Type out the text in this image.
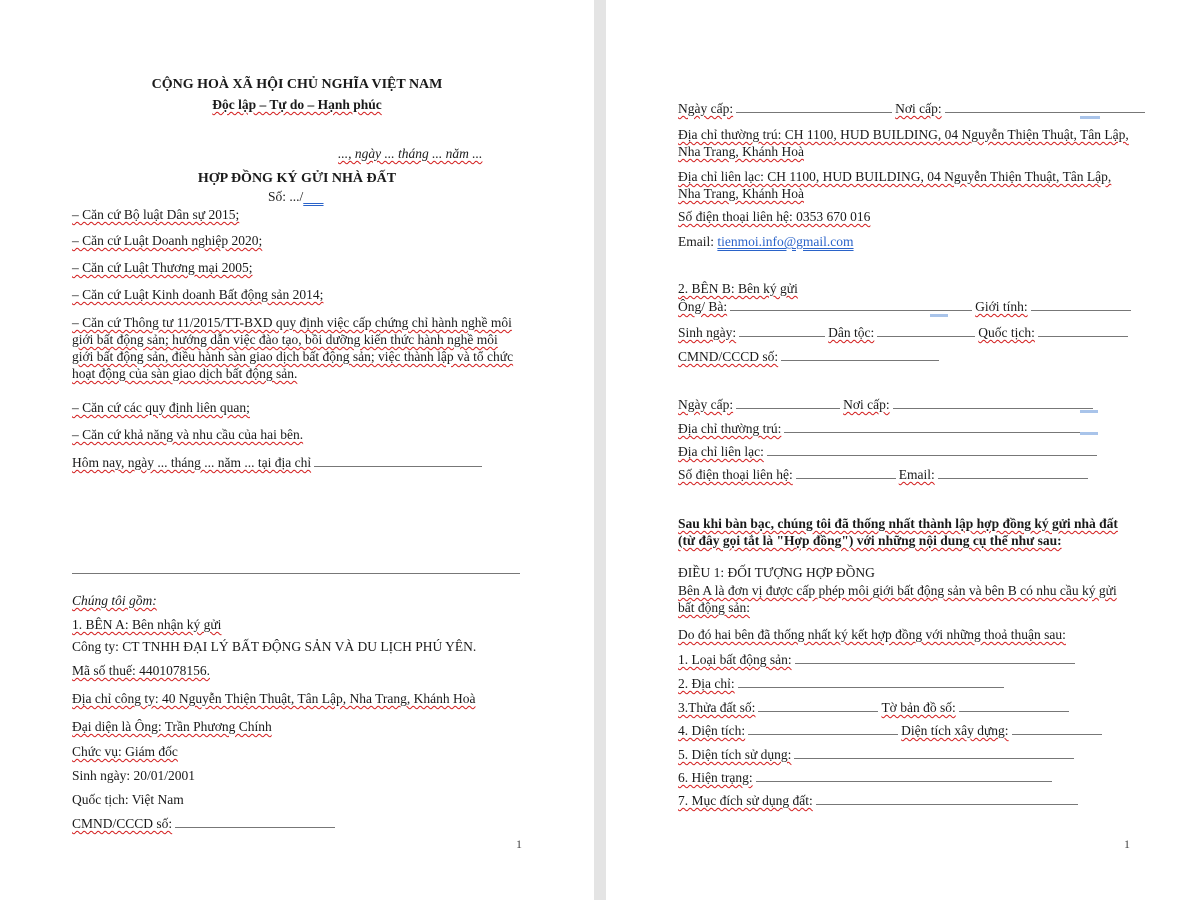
CỘNG HOÀ XÃ HỘI CHỦ NGHĨA VIỆT NAM
Độc lập – Tự do – Hạnh phúc
..., ngày ... tháng ... năm ...
HỢP ĐỒNG KÝ GỬI NHÀ ĐẤT
Số: .../
– Căn cứ Bộ luật Dân sự 2015;
– Căn cứ Luật Doanh nghiệp 2020;
– Căn cứ Luật Thương mại 2005;
– Căn cứ Luật Kinh doanh Bất động sản 2014;
– Căn cứ Thông tư 11/2015/TT-BXD quy định việc cấp chứng chỉ hành nghề môi giới bất động sản; hướng dẫn việc đào tạo, bồi dưỡng kiến thức hành nghề môi giới bất động sản, điều hành sàn giao dịch bất động sản; việc thành lập và tổ chức hoạt động của sàn giao dịch bất động sản.
– Căn cứ các quy định liên quan;
– Căn cứ khả năng và nhu cầu của hai bên.
Hôm nay, ngày ... tháng ... năm ... tại địa chỉ
Chúng tôi gồm:
1. BÊN A: Bên nhận ký gửi
Công ty: CT TNHH ĐẠI LÝ BẤT ĐỘNG SẢN VÀ DU LỊCH PHÚ YÊN.
Mã số thuế: 4401078156.
Địa chỉ công ty: 40 Nguyễn Thiện Thuật, Tân Lập, Nha Trang, Khánh Hoà
Đại diện là Ông: Trần Phương Chính
Chức vụ: Giám đốc
Sinh ngày: 20/01/2001
Quốc tịch: Việt Nam
CMND/CCCD số:
1
Ngày cấp:	Nơi cấp:
Địa chỉ thường trú: CH 1100, HUD BUILDING, 04 Nguyễn Thiện Thuật, Tân Lập, Nha Trang, Khánh Hoà
Địa chỉ liên lạc: CH 1100, HUD BUILDING, 04 Nguyễn Thiện Thuật, Tân Lập, Nha Trang, Khánh Hoà
Số điện thoại liên hệ: 0353 670 016
Email: tienmoi.info@gmail.com
2. BÊN B: Bên ký gửi
Ông/ Bà:	Giới tính:
Sinh ngày:	Dân tộc:	Quốc tịch:
CMND/CCCD số:
Ngày cấp:	Nơi cấp:
Địa chỉ thường trú:
Địa chỉ liên lạc:
Số điện thoại liên hệ:	Email:
Sau khi bàn bạc, chúng tôi đã thống nhất thành lập hợp đồng ký gửi nhà đất (từ đây gọi tắt là "Hợp đồng") với những nội dung cụ thể như sau:
ĐIỀU 1: ĐỐI TƯỢNG HỢP ĐỒNG
Bên A là đơn vị được cấp phép môi giới bất động sản và bên B có nhu cầu ký gửi bất động sản:
Do đó hai bên đã thống nhất ký kết hợp đồng với những thoả thuận sau:
1. Loại bất động sản:
2. Địa chỉ:
3.Thửa đất số:	Tờ bản đồ số:
4. Diện tích:	Diện tích xây dựng:
5. Diện tích sử dụng:
6. Hiện trạng:
7. Mục đích sử dụng đất:
1
